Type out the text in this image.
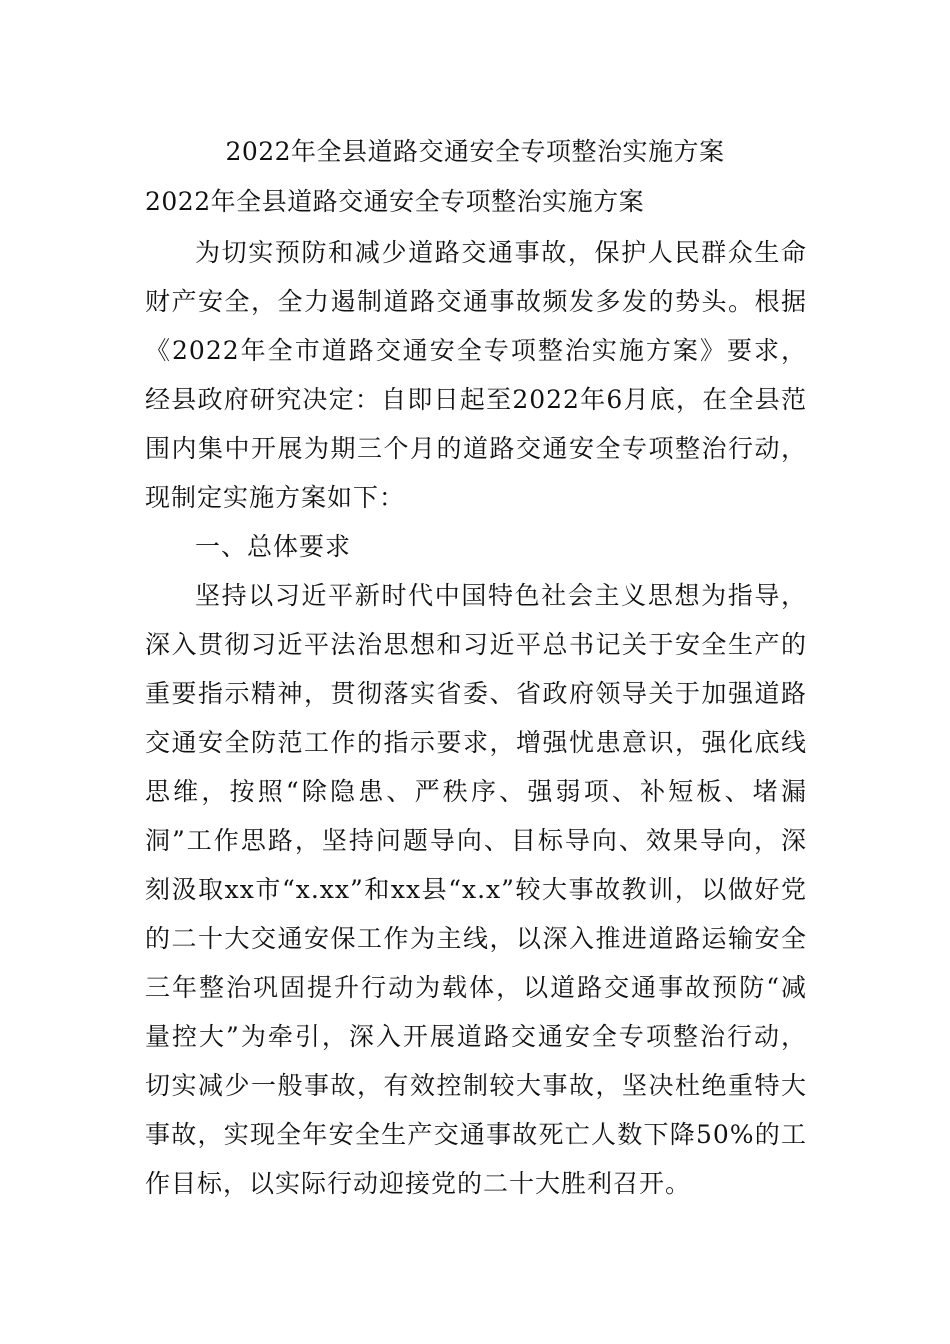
2022年全县道路交通安全专项整治实施方案
2022年全县道路交通安全专项整治实施方案

为切实预防和减少道路交通事故，保护人民群众生命财产安全，全力遏制道路交通事故频发多发的势头。根据《2022年全市道路交通安全专项整治实施方案》要求，经县政府研究决定：自即日起至2022年6月底，在全县范围内集中开展为期三个月的道路交通安全专项整治行动，现制定实施方案如下：

一、总体要求

坚持以习近平新时代中国特色社会主义思想为指导，深入贯彻习近平法治思想和习近平总书记关于安全生产的重要指示精神，贯彻落实省委、省政府领导关于加强道路交通安全防范工作的指示要求，增强忧患意识，强化底线思维，按照“除隐患、严秩序、强弱项、补短板、堵漏洞”工作思路，坚持问题导向、目标导向、效果导向，深刻汲取xx市“x.xx”和xx县“x.x”较大事故教训，以做好党的二十大交通安保工作为主线，以深入推进道路运输安全三年整治巩固提升行动为载体，以道路交通事故预防“减量控大”为牵引，深入开展道路交通安全专项整治行动，切实减少一般事故，有效控制较大事故，坚决杜绝重特大事故，实现全年安全生产交通事故死亡人数下降50%的工作目标，以实际行动迎接党的二十大胜利召开。
